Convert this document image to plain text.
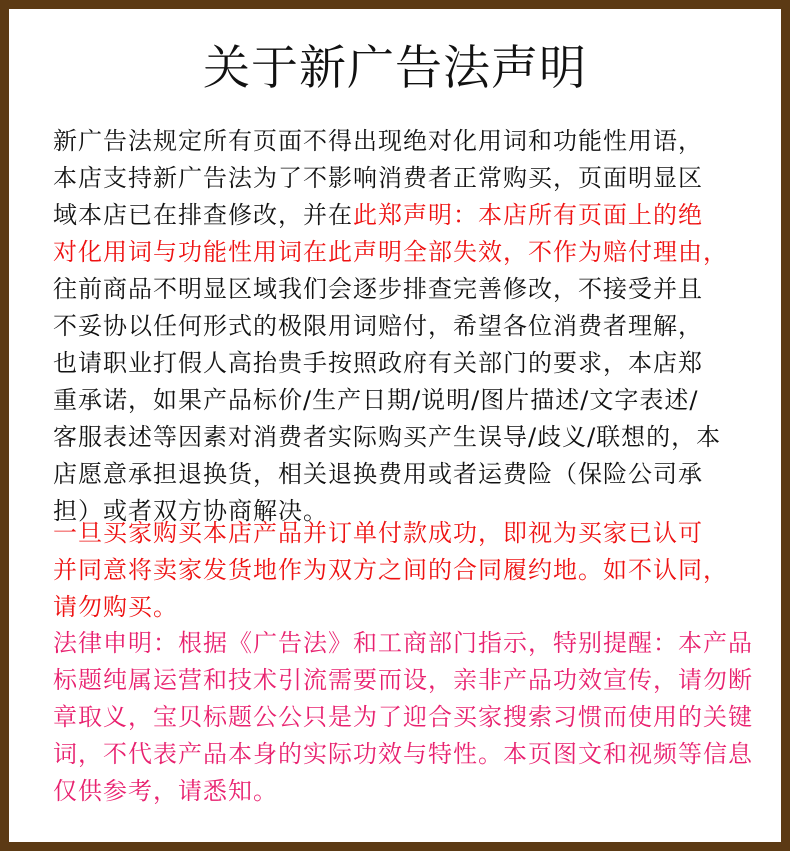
关于新广告法声明
新广告法规定所有页面不得出现绝对化用词和功能性用语，
本店支持新广告法为了不影响消费者正常购买，页面明显区
域本店已在排查修改，并在此郑声明：本店所有页面上的绝
对化用词与功能性用词在此声明全部失效，不作为赔付理由，
往前商品不明显区域我们会逐步排查完善修改，不接受并且
不妥协以任何形式的极限用词赔付，希望各位消费者理解，
也请职业打假人高抬贵手按照政府有关部门的要求，本店郑
重承诺，如果产品标价/生产日期/说明/图片描述/文字表述/
客服表述等因素对消费者实际购买产生误导/歧义/联想的，本
店愿意承担退换货，相关退换费用或者运费险（保险公司承
担）或者双方协商解决。
一旦买家购买本店产品并订单付款成功，即视为买家已认可
并同意将卖家发货地作为双方之间的合同履约地。如不认同，
请勿购买。
法律申明：根据《广告法》和工商部门指示，特别提醒：本产品
标题纯属运营和技术引流需要而设，亲非产品功效宣传，请勿断
章取义，宝贝标题公公只是为了迎合买家搜索习惯而使用的关键
词，不代表产品本身的实际功效与特性。本页图文和视频等信息
仅供参考，请悉知。
